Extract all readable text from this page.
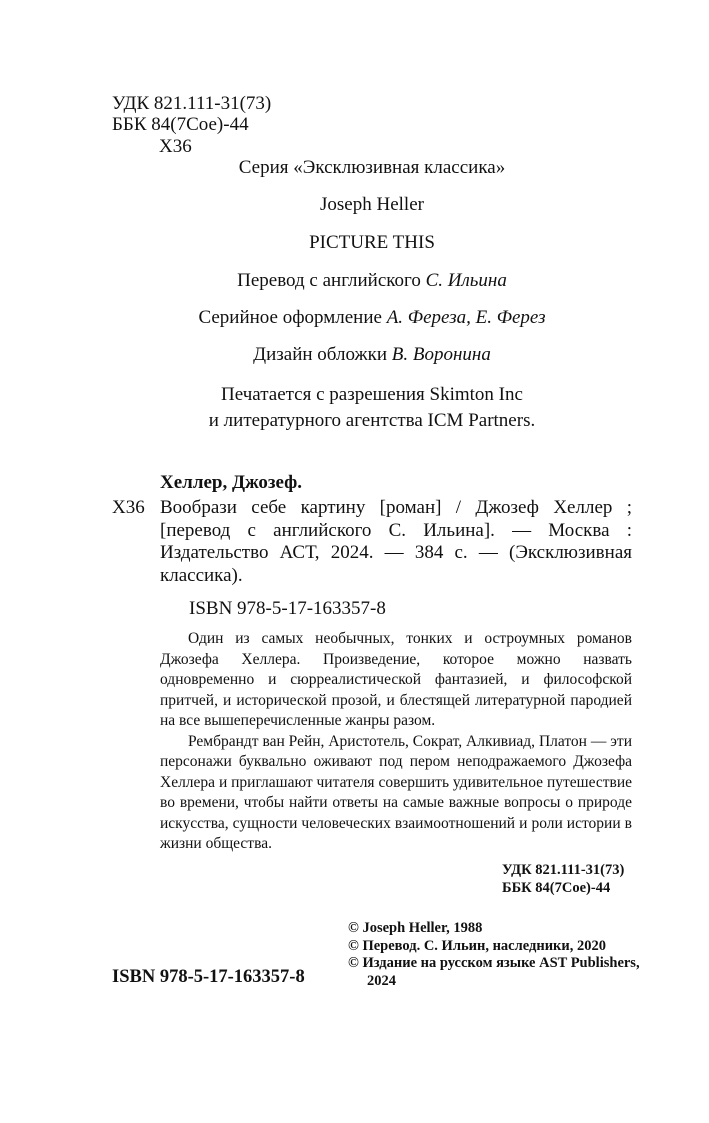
УДК 821.111-31(73)
ББК 84(7Сое)-44
Х36
Серия «Эксклюзивная классика»
Joseph Heller
PICTURE THIS
Перевод с английского С. Ильина
Серийное оформление А. Фереза, Е. Ферез
Дизайн обложки В. Воронина
Печатается с разрешения Skimton Inc
и литературного агентства ICM Partners.
Хеллер, Джозеф.
Х36 Вообрази себе картину [роман] / Джозеф Хеллер ; [перевод с английского С. Ильина]. — Москва : Издательство АСТ, 2024. — 384 с. — (Эксклюзивная классика).
ISBN 978-5-17-163357-8

Один из самых необычных, тонких и остроумных романов Джозефа Хеллера. Произведение, которое можно назвать одновременно и сюрреалистической фантазией, и философской притчей, и исторической прозой, и блестящей литературной пародией на все вышеперечисленные жанры разом.

Рембрандт ван Рейн, Аристотель, Сократ, Алкивиад, Платон — эти персонажи буквально оживают под пером неподражаемого Джозефа Хеллера и приглашают читателя совершить удивительное путешествие во времени, чтобы найти ответы на самые важные вопросы о природе искусства, сущности человеческих взаимоотношений и роли истории в жизни общества.

УДК 821.111-31(73)
ББК 84(7Сое)-44
ISBN 978-5-17-163357-8
© Joseph Heller, 1988
© Перевод. С. Ильин, наследники, 2020
© Издание на русском языке AST Publishers,
2024
